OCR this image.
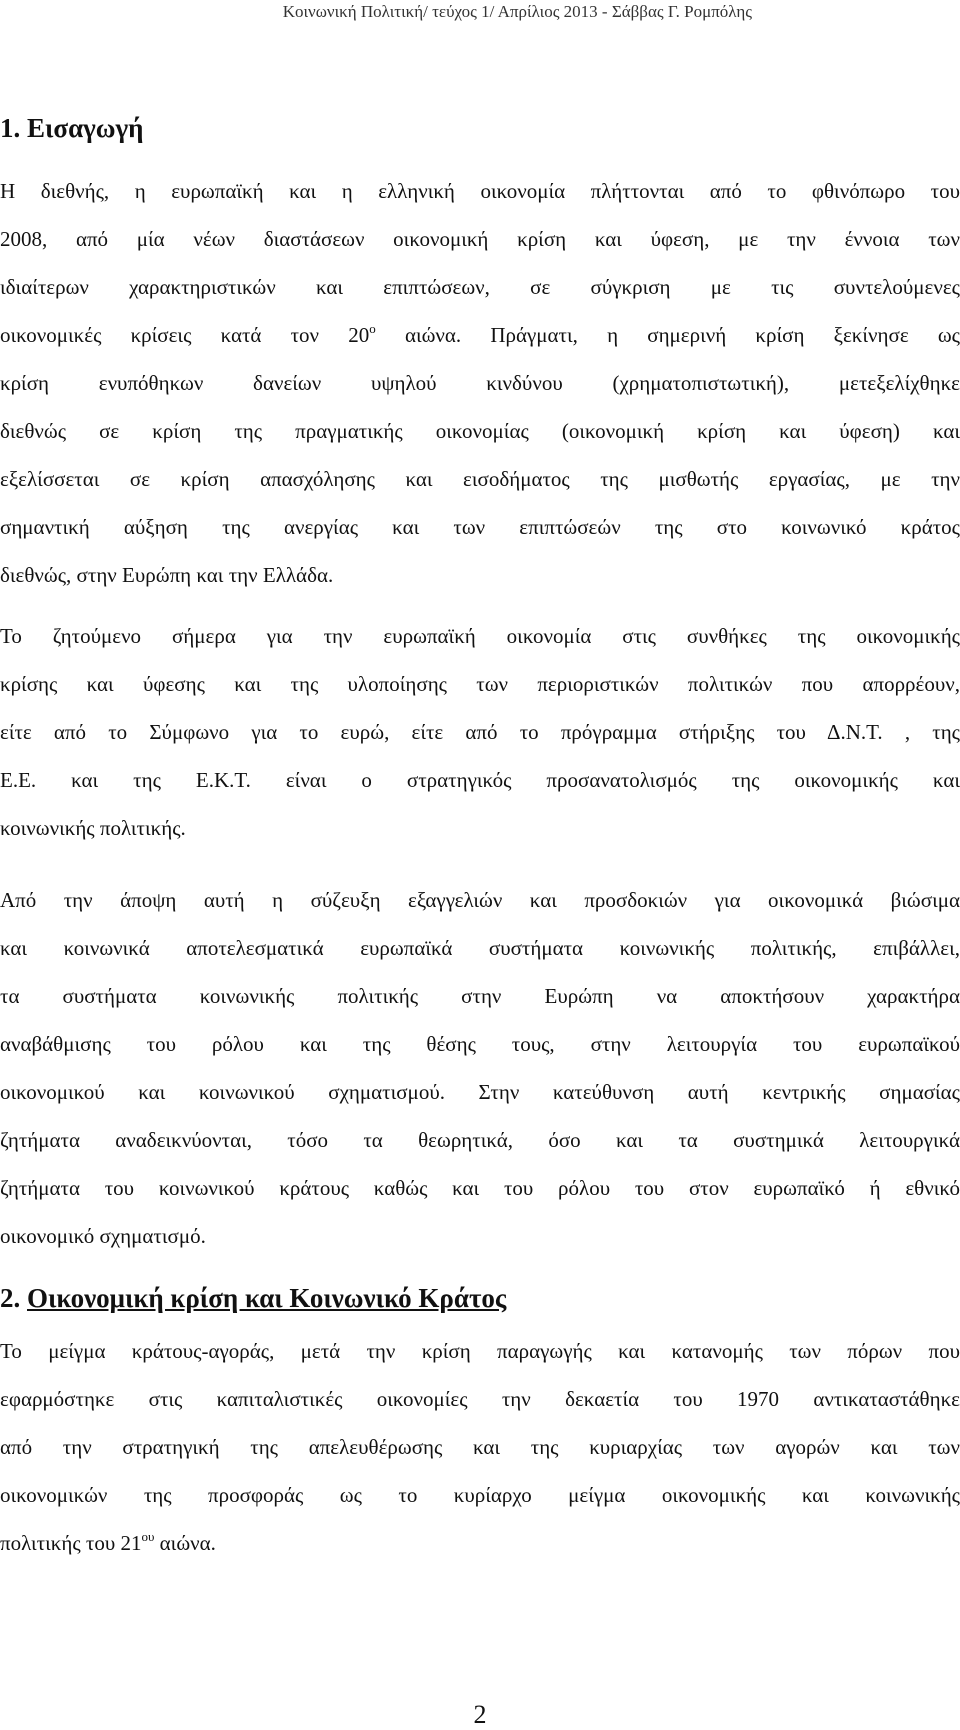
Κοινωνική Πολιτική/ τεύχος 1/ Απρίλιος 2013 - Σάββας Γ. Ρομπόλης
1. Εισαγωγή

Η διεθνής, η ευρωπαϊκή και η ελληνική οικονομία πλήττονται από το φθινόπωρο του
2008, από μία νέων διαστάσεων οικονομική κρίση και ύφεση, με την έννοια των
ιδιαίτερων χαρακτηριστικών και επιπτώσεων, σε σύγκριση με τις συντελούμενες
οικονομικές κρίσεις κατά τον $20^o$ αιώνα. Πράγματι, η σημερινή κρίση ξεκίνησε ως
κρίση ενυπόθηκων δανείων υψηλού κινδύνου (χρηματοπιστωτική), μετεξελίχθηκε
διεθνώς σε κρίση της πραγματικής οικονομίας (οικονομική κρίση και ύφεση) και
εξελίσσεται σε κρίση απασχόλησης και εισοδήματος της μισθωτής εργασίας, με την
σημαντική αύξηση της ανεργίας και των επιπτώσεών της στο κοινωνικό κράτος
διεθνώς, στην Ευρώπη και την Ελλάδα.

Το ζητούμενο σήμερα για την ευρωπαϊκή οικονομία στις συνθήκες της οικονομικής
κρίσης και ύφεσης και της υλοποίησης των περιοριστικών πολιτικών που απορρέουν,
είτε από το Σύμφωνο για το ευρώ, είτε από το πρόγραμμα στήριξης του Δ.Ν.Τ. , της
Ε.Ε. και της Ε.Κ.Τ. είναι ο στρατηγικός προσανατολισμός της οικονομικής και
κοινωνικής πολιτικής.

Από την άποψη αυτή η σύζευξη εξαγγελιών και προσδοκιών για οικονομικά βιώσιμα
και κοινωνικά αποτελεσματικά ευρωπαϊκά συστήματα κοινωνικής πολιτικής, επιβάλλει,
τα συστήματα κοινωνικής πολιτικής στην Ευρώπη να αποκτήσουν χαρακτήρα
αναβάθμισης του ρόλου και της θέσης τους, στην λειτουργία του ευρωπαϊκού
οικονομικού και κοινωνικού σχηματισμού. Στην κατεύθυνση αυτή κεντρικής σημασίας
ζητήματα αναδεικνύονται, τόσο τα θεωρητικά, όσο και τα συστημικά λειτουργικά
ζητήματα του κοινωνικού κράτους καθώς και του ρόλου του στον ευρωπαϊκό ή εθνικό
οικονομικό σχηματισμό.

2. Οικονομική κρίση και Κοινωνικό Κράτος

Το μείγμα κράτους-αγοράς, μετά την κρίση παραγωγής και κατανομής των πόρων που
εφαρμόστηκε στις καπιταλιστικές οικονομίες την δεκαετία του 1970 αντικαταστάθηκε
από την στρατηγική της απελευθέρωσης και της κυριαρχίας των αγορών και των
οικονομικών της προσφοράς ως το κυρίαρχο μείγμα οικονομικής και κοινωνικής
πολιτικής του $21^{o\upsilon}$ αιώνα.

2
